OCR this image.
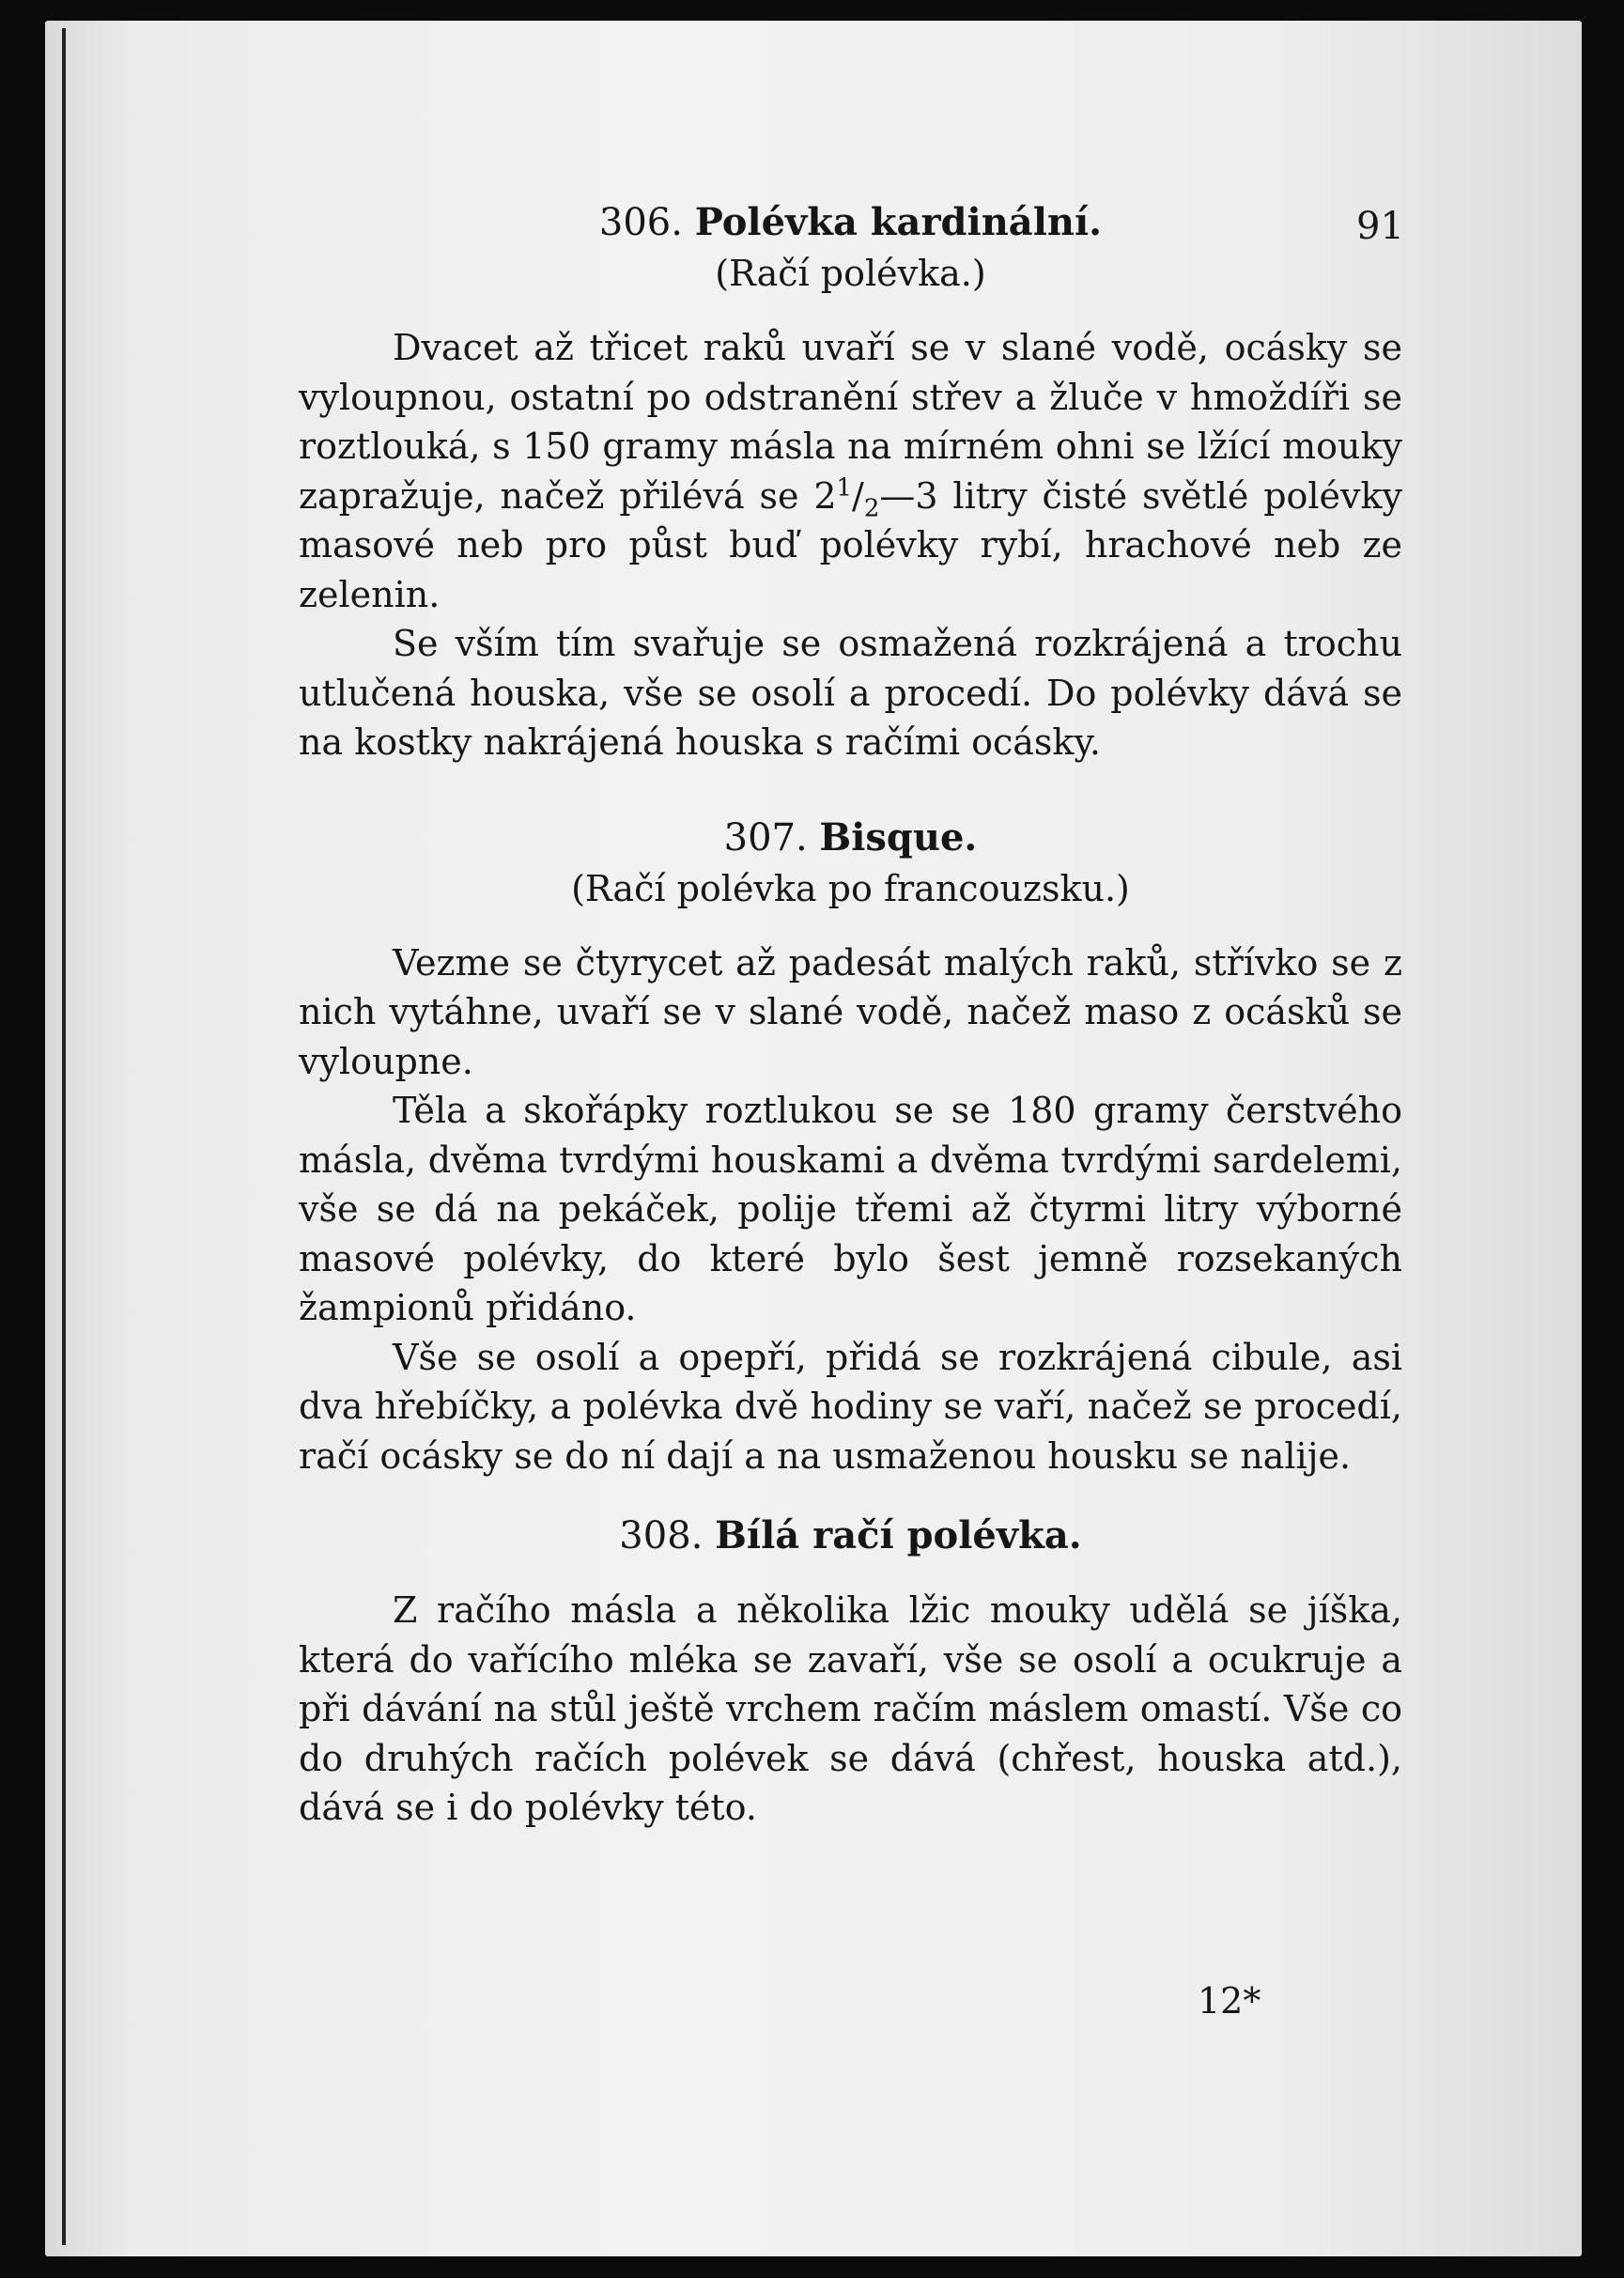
91

306. Polévka kardinální.

(Račí polévka.)

Dvacet až třicet raků uvaří se v slané vodě, ocásky se vyloupnou, ostatní po odstranění střev a žluče v hmoždíři se roztlouká, s 150 gramy másla na mírném ohni se lžící mouky zapražuje, načež přilévá se $2^1/_2—3$ litry čisté světlé polévky masové neb pro půst buď polévky rybí, hrachové neb ze zelenin.

Se vším tím svařuje se osmažená rozkrájená a trochu utlučená houska, vše se osolí a procedí. Do polévky dává se na kostky nakrájená houska s račími ocásky.

307. Bisque.

(Račí polévka po francouzsku.)

Vezme se čtyrycet až padesát malých raků, střívko se z nich vytáhne, uvaří se v slané vodě, načež maso z ocásků se vyloupne.

Těla a skořápky roztlukou se se 180 gramy čerstvého másla, dvěma tvrdými houskami a dvěma tvrdými sardelemi, vše se dá na pekáček, polije třemi až čtyrmi litry výborné masové polévky, do které bylo šest jemně rozsekaných žampionů přidáno.

Vše se osolí a opepří, přidá se rozkrájená cibule, asi dva hřebíčky, a polévka dvě hodiny se vaří, načež se procedí, račí ocásky se do ní dají a na usmaženou housku se nalije.

308. Bílá račí polévka.

Z račího másla a několika lžic mouky udělá se jíška, která do vařícího mléka se zavaří, vše se osolí a ocukruje a při dávání na stůl ještě vrchem račím máslem omastí. Vše co do druhých račích polévek se dává (chřest, houska atd.), dává se i do polévky této.

12*
